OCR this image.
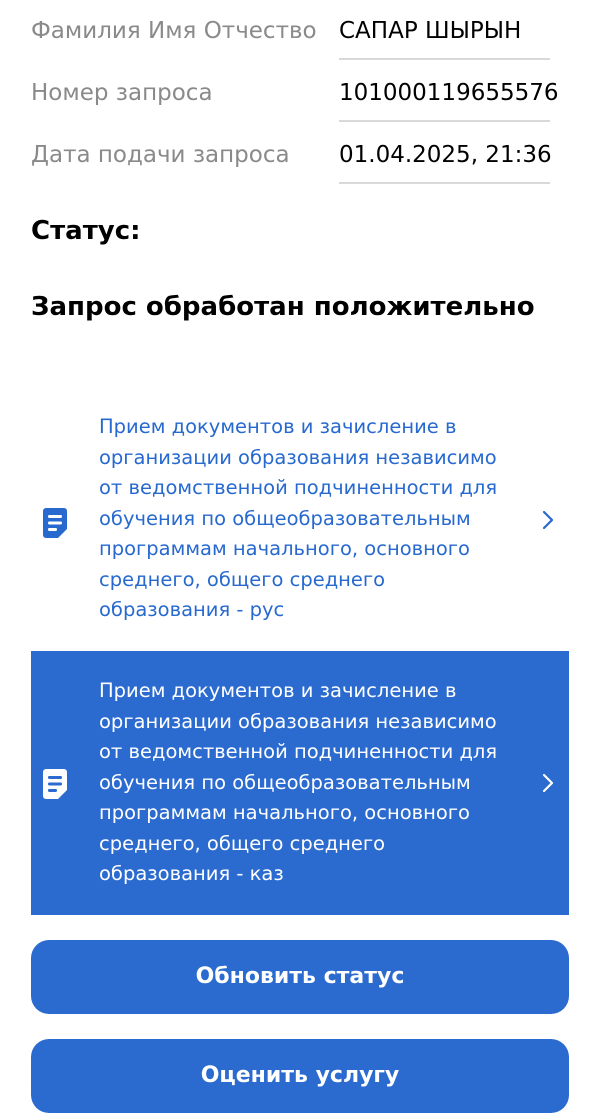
Фамилия Имя Отчество САПАР ШЫРЫН
Номер запроса	101000119655576
Дата подачи запроса 01.04.2025, 21:36
Статус:
Запрос обработан положительно
Прием документов и зачисление в
организации образования независимо
от ведомственной подчиненности для
обучения по общеобразовательным
программам начального, основного
среднего, общего среднего
образования - рус
Прием документов и зачисление в
организации образования независимо
от ведомственной подчиненности для
обучения по общеобразовательным
программам начального, основного
среднего, общего среднего
образования - каз
Обновить статус
Оценить услугу
